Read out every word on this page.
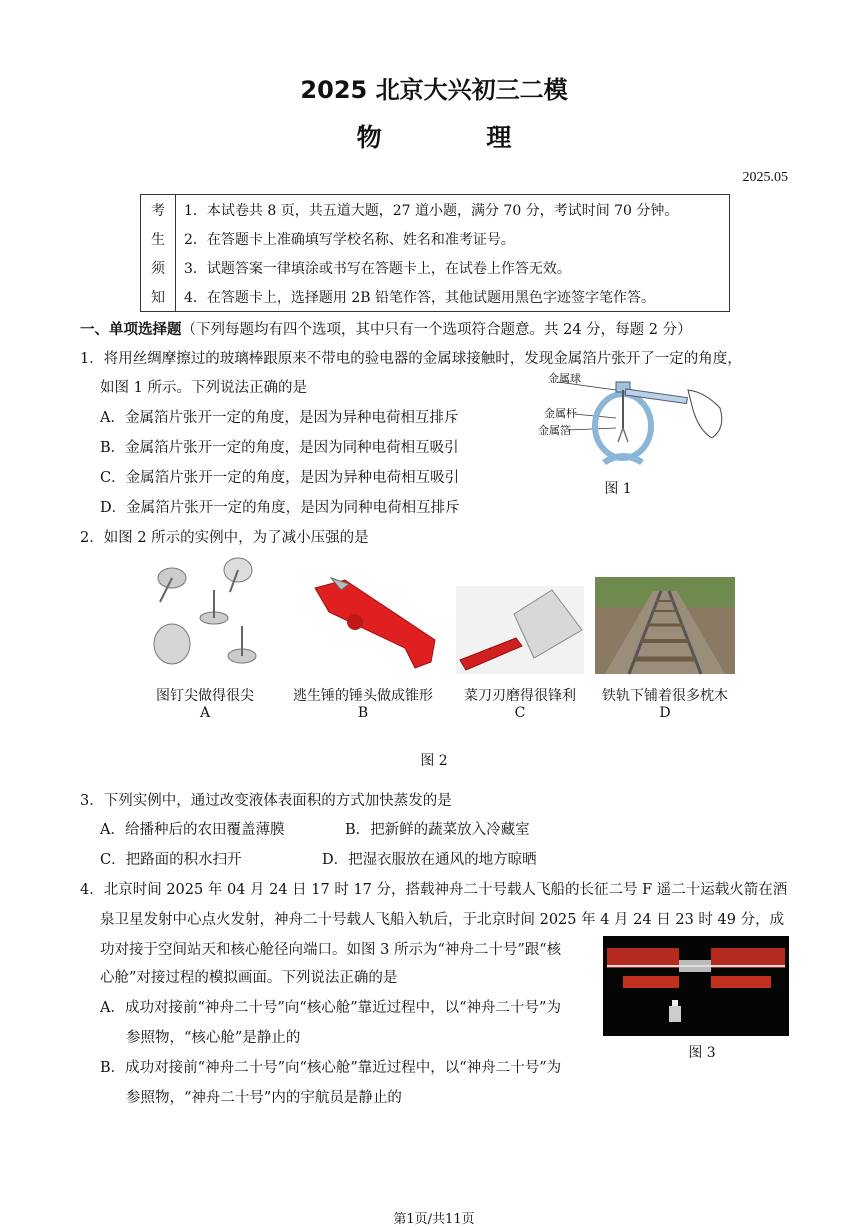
2025 北京大兴初三二模
物 理
2025.05
考	1．本试卷共 8 页，共五道大题，27 道小题，满分 70 分，考试时间 70 分钟。
生	2．在答题卡上准确填写学校名称、姓名和准考证号。
须	3．试题答案一律填涂或书写在答题卡上，在试卷上作答无效。
知	4．在答题卡上，选择题用 2B 铅笔作答，其他试题用黑色字迹签字笔作答。
一、单项选择题（下列每题均有四个选项，其中只有一个选项符合题意。共 24 分，每题 2 分）
1．将用丝绸摩擦过的玻璃棒跟原来不带电的验电器的金属球接触时，发现金属箔片张开了一定的角度，
如图 1 所示。下列说法正确的是
A．金属箔片张开一定的角度，是因为异种电荷相互排斥
B．金属箔片张开一定的角度，是因为同种电荷相互吸引
C．金属箔片张开一定的角度，是因为异种电荷相互吸引
D．金属箔片张开一定的角度，是因为同种电荷相互排斥
金属球
金属杆
金属箔
图 1
2．如图 2 所示的实例中，为了减小压强的是
图钉尖做得很尖
A
逃生锤的锤头做成锥形
B
菜刀刃磨得很锋利
C
铁轨下铺着很多枕木
D
图 2
3．下列实例中，通过改变液体表面积的方式加快蒸发的是
A．给播种后的农田覆盖薄膜	B．把新鲜的蔬菜放入冷藏室
C．把路面的积水扫开	D．把湿衣服放在通风的地方晾晒
4．北京时间 2025 年 04 月 24 日 17 时 17 分，搭载神舟二十号载人飞船的长征二号 F 遥二十运载火箭在酒
泉卫星发射中心点火发射，神舟二十号载人飞船入轨后，于北京时间 2025 年 4 月 24 日 23 时 49 分，成
功对接于空间站天和核心舱径向端口。如图 3 所示为“神舟二十号”跟“核
心舱”对接过程的模拟画面。下列说法正确的是
A．成功对接前“神舟二十号”向“核心舱”靠近过程中，以“神舟二十号”为
参照物，“核心舱”是静止的
B．成功对接前“神舟二十号”向“核心舱”靠近过程中，以“神舟二十号”为
参照物，“神舟二十号”内的宇航员是静止的
图 3
第1页/共11页
